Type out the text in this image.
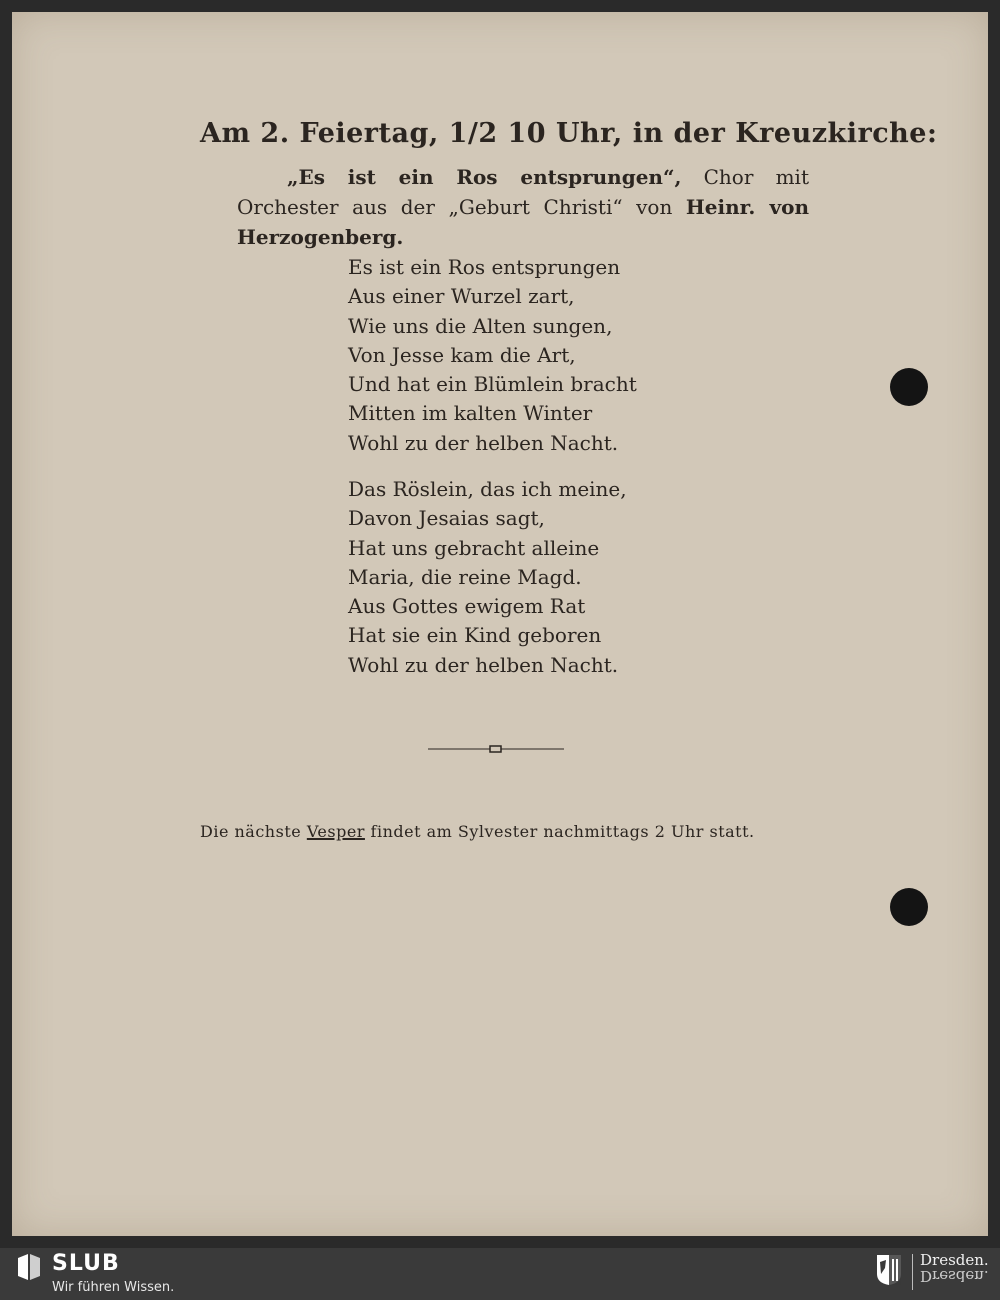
Am 2. Feiertag, 1/2 10 Uhr, in der Kreuzkirche:
„Es ist ein Ros entsprungen“, Chor mit Orchester aus der „Geburt Christi“ von Heinr. von Herzogenberg.
Es ist ein Ros entsprungen
Aus einer Wurzel zart,
Wie uns die Alten sungen,
Von Jesse kam die Art,
Und hat ein Blümlein bracht
Mitten im kalten Winter
Wohl zu der helben Nacht.
Das Röslein, das ich meine,
Davon Jesaias sagt,
Hat uns gebracht alleine
Maria, die reine Magd.
Aus Gottes ewigem Rat
Hat sie ein Kind geboren
Wohl zu der helben Nacht.
Die nächste Vesper findet am Sylvester nachmittags 2 Uhr statt.
SLUB
Wir führen Wissen.
Dresden.
Dresden.
